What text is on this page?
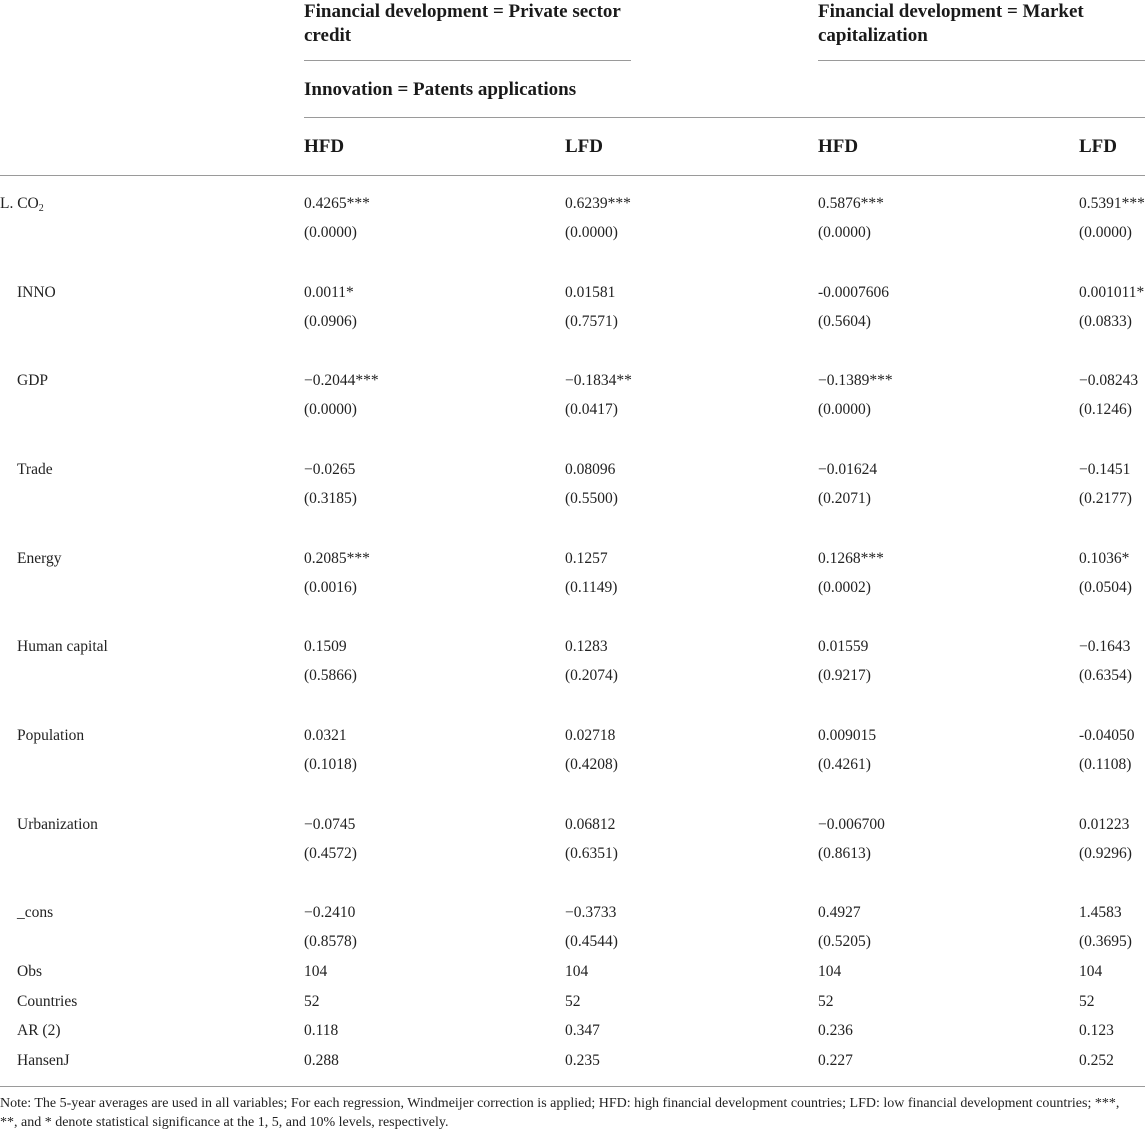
Financial development = Private sector credit
Financial development = Market capitalization
Innovation = Patents applications
HFD	LFD	HFD	LFD
L. $CO_2$	0.4265***	0.6239***	0.5876***	0.5391***
(0.0000)	(0.0000)	(0.0000)	(0.0000)
INNO	0.0011*	0.01581	-0.0007606	0.001011*
(0.0906)	(0.7571)	(0.5604)	(0.0833)
GDP	−0.2044***	−0.1834**	−0.1389***	−0.08243
(0.0000)	(0.0417)	(0.0000)	(0.1246)
Trade	−0.0265	0.08096	−0.01624	−0.1451
(0.3185)	(0.5500)	(0.2071)	(0.2177)
Energy	0.2085***	0.1257	0.1268***	0.1036*
(0.0016)	(0.1149)	(0.0002)	(0.0504)
Human capital	0.1509	0.1283	0.01559	−0.1643
(0.5866)	(0.2074)	(0.9217)	(0.6354)
Population	0.0321	0.02718	0.009015	-0.04050
(0.1018)	(0.4208)	(0.4261)	(0.1108)
Urbanization	−0.0745	0.06812	−0.006700	0.01223
(0.4572)	(0.6351)	(0.8613)	(0.9296)
_cons	−0.2410	−0.3733	0.4927	1.4583
(0.8578)	(0.4544)	(0.5205)	(0.3695)
Obs	104	104	104	104
Countries	52	52	52	52
AR (2)	0.118	0.347	0.236	0.123
HansenJ	0.288	0.235	0.227	0.252
Note: The 5-year averages are used in all variables; For each regression, Windmeijer correction is applied; HFD: high financial development countries; LFD: low financial development countries; ***, **, and * denote statistical significance at the 1, 5, and 10% levels, respectively.
